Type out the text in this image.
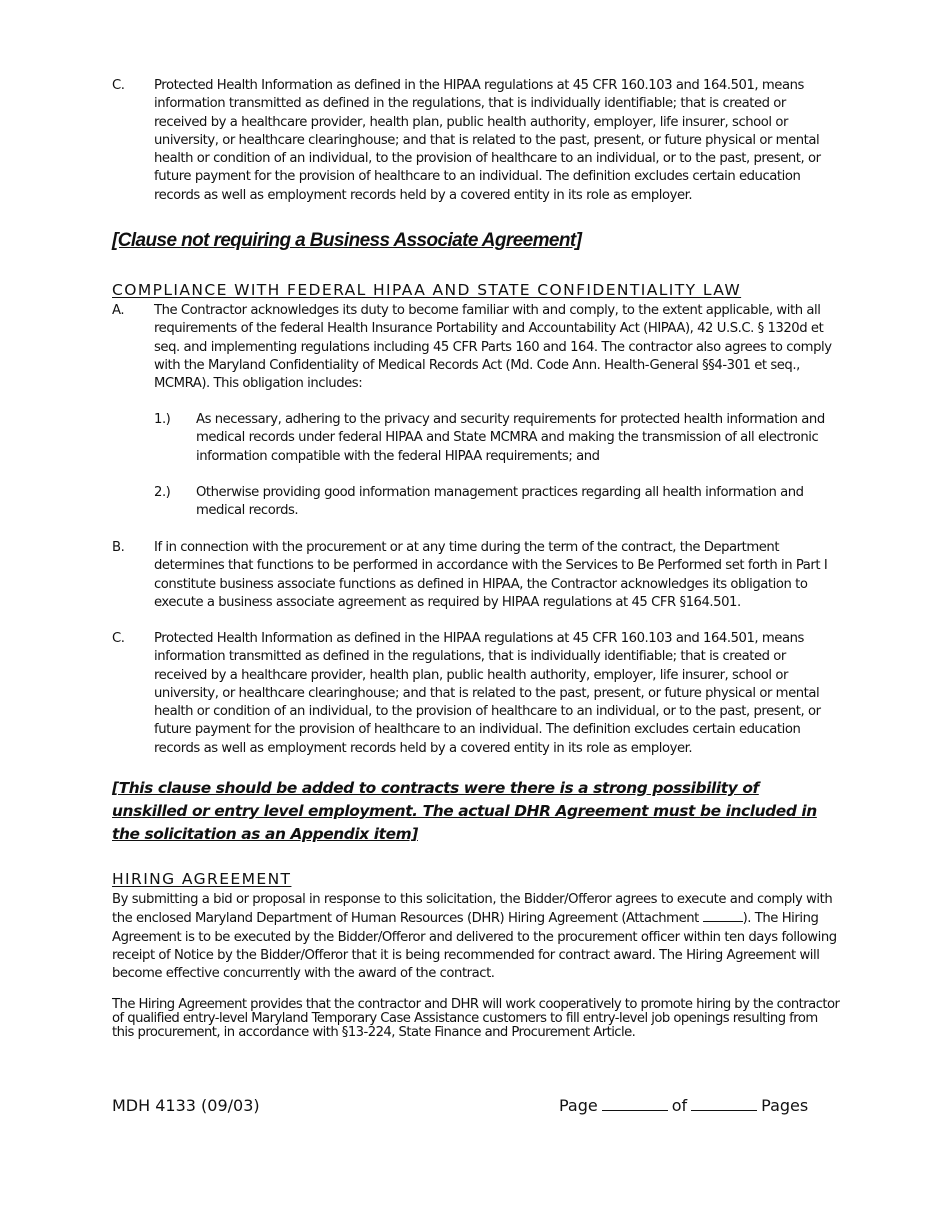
C. Protected Health Information as defined in the HIPAA regulations at 45 CFR 160.103 and 164.501, means information transmitted as defined in the regulations, that is individually identifiable; that is created or received by a healthcare provider, health plan, public health authority, employer, life insurer, school or university, or healthcare clearinghouse; and that is related to the past, present, or future physical or mental health or condition of an individual, to the provision of healthcare to an individual, or to the past, present, or future payment for the provision of healthcare to an individual. The definition excludes certain education records as well as employment records held by a covered entity in its role as employer.
[Clause not requiring a Business Associate Agreement]
COMPLIANCE WITH FEDERAL HIPAA AND STATE CONFIDENTIALITY LAW
A. The Contractor acknowledges its duty to become familiar with and comply, to the extent applicable, with all requirements of the federal Health Insurance Portability and Accountability Act (HIPAA), 42 U.S.C. § 1320d et seq. and implementing regulations including 45 CFR Parts 160 and 164. The contractor also agrees to comply with the Maryland Confidentiality of Medical Records Act (Md. Code Ann. Health-General §§4-301 et seq., MCMRA). This obligation includes:
1.) As necessary, adhering to the privacy and security requirements for protected health information and medical records under federal HIPAA and State MCMRA and making the transmission of all electronic information compatible with the federal HIPAA requirements; and
2.) Otherwise providing good information management practices regarding all health information and medical records.
B. If in connection with the procurement or at any time during the term of the contract, the Department determines that functions to be performed in accordance with the Services to Be Performed set forth in Part I constitute business associate functions as defined in HIPAA, the Contractor acknowledges its obligation to execute a business associate agreement as required by HIPAA regulations at 45 CFR §164.501.
C. Protected Health Information as defined in the HIPAA regulations at 45 CFR 160.103 and 164.501, means information transmitted as defined in the regulations, that is individually identifiable; that is created or received by a healthcare provider, health plan, public health authority, employer, life insurer, school or university, or healthcare clearinghouse; and that is related to the past, present, or future physical or mental health or condition of an individual, to the provision of healthcare to an individual, or to the past, present, or future payment for the provision of healthcare to an individual. The definition excludes certain education records as well as employment records held by a covered entity in its role as employer.
[This clause should be added to contracts were there is a strong possibility of unskilled or entry level employment. The actual DHR Agreement must be included in the solicitation as an Appendix item]
HIRING AGREEMENT
By submitting a bid or proposal in response to this solicitation, the Bidder/Offeror agrees to execute and comply with the enclosed Maryland Department of Human Resources (DHR) Hiring Agreement (Attachment	). The Hiring Agreement is to be executed by the Bidder/Offeror and delivered to the procurement officer within ten days following receipt of Notice by the Bidder/Offeror that it is being recommended for contract award. The Hiring Agreement will become effective concurrently with the award of the contract.
The Hiring Agreement provides that the contractor and DHR will work cooperatively to promote hiring by the contractor of qualified entry-level Maryland Temporary Case Assistance customers to fill entry-level job openings resulting from this procurement, in accordance with §13-224, State Finance and Procurement Article.
MDH 4133 (09/03)	Page	of	Pages
